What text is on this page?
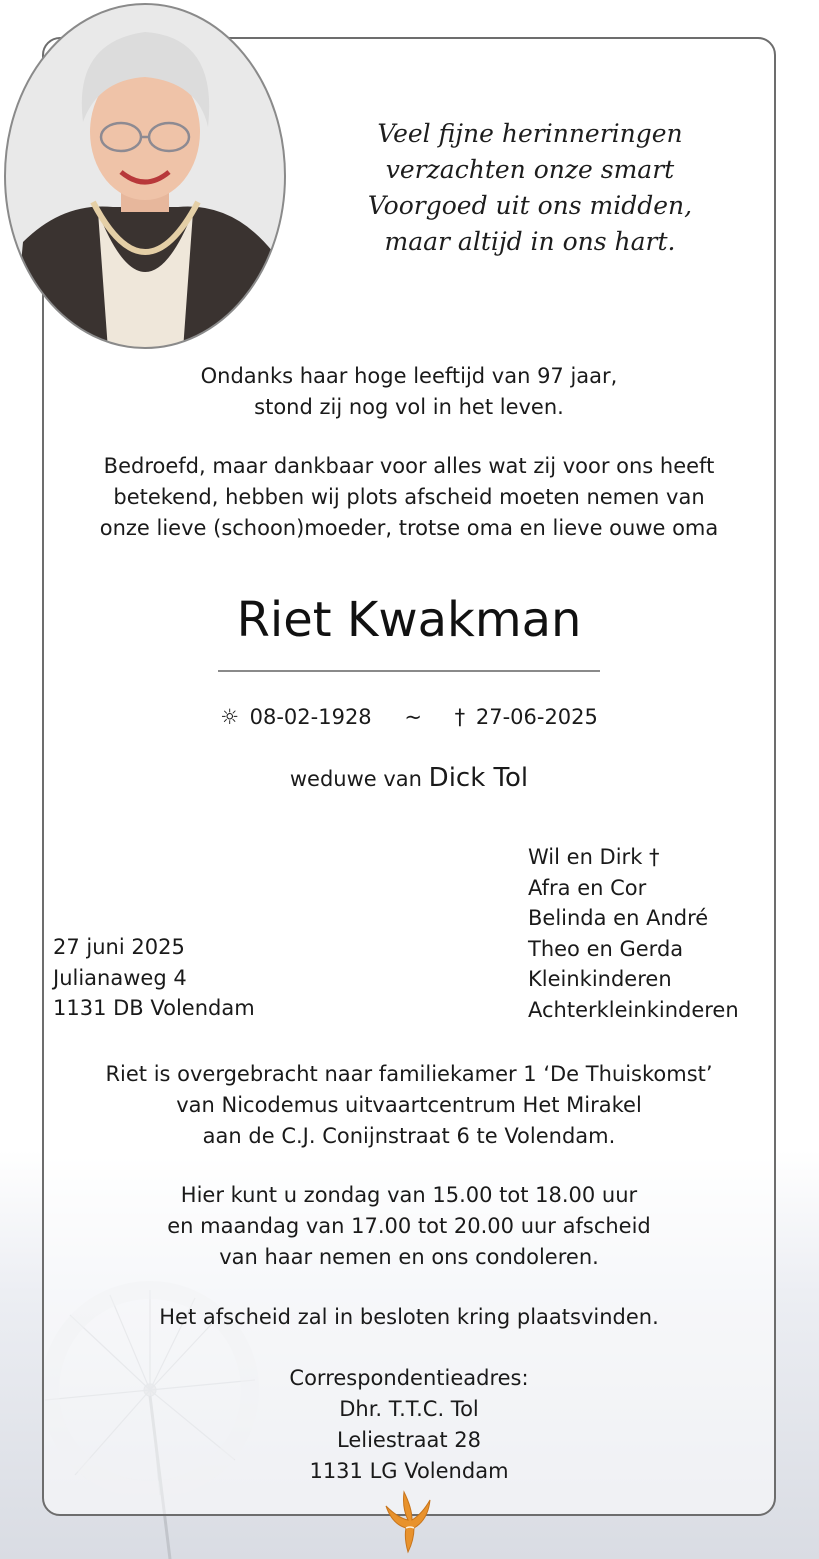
Veel fijne herinneringen
verzachten onze smart
Voorgoed uit ons midden,
maar altijd in ons hart.
Ondanks haar hoge leeftijd van 97 jaar,
stond zij nog vol in het leven.
Bedroefd, maar dankbaar voor alles wat zij voor ons heeft
betekend, hebben wij plots afscheid moeten nemen van
onze lieve (schoon)moeder, trotse oma en lieve ouwe oma
Riet Kwakman
☼ 08-02-1928 ~ † 27-06-2025
weduwe van Dick Tol
Wil en Dirk †
Afra en Cor
Belinda en André
Theo en Gerda
Kleinkinderen
Achterkleinkinderen
27 juni 2025
Julianaweg 4
1131 DB Volendam
Riet is overgebracht naar familiekamer 1 ‘De Thuiskomst’
van Nicodemus uitvaartcentrum Het Mirakel
aan de C.J. Conijnstraat 6 te Volendam.
Hier kunt u zondag van 15.00 tot 18.00 uur
en maandag van 17.00 tot 20.00 uur afscheid
van haar nemen en ons condoleren.
Het afscheid zal in besloten kring plaatsvinden.
Correspondentieadres:
Dhr. T.T.C. Tol
Leliestraat 28
1131 LG Volendam
